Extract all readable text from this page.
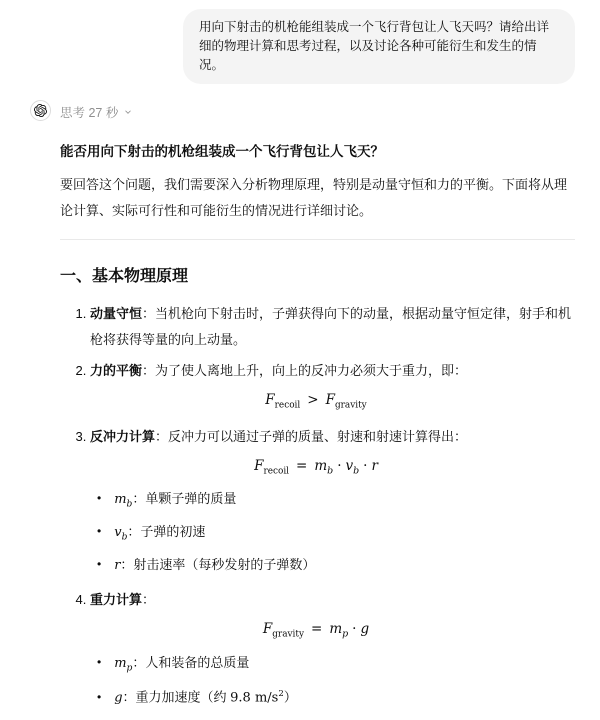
用向下射击的机枪能组装成一个飞行背包让人飞天吗？请给出详细的物理计算和思考过程，以及讨论各种可能衍生和发生的情况。
思考 27 秒
能否用向下射击的机枪组装成一个飞行背包让人飞天？

要回答这个问题，我们需要深入分析物理原理，特别是动量守恒和力的平衡。下面将从理论计算、实际可行性和可能衍生的情况进行详细讨论。

一、基本物理原理
1. 动量守恒：当机枪向下射击时，子弹获得向下的动量，根据动量守恒定律，射手和机枪将获得等量的向上动量。
2. 力的平衡：为了使人离地上升，向上的反冲力必须大于重力，即：
$F_{recoil} > F_{gravity}$
3. 反冲力计算：反冲力可以通过子弹的质量、射速和射速计算得出：
$F_{recoil} = m_b \cdot v_b \cdot r$
• $m_b$：单颗子弹的质量
• $v_b$：子弹的初速
• r：射击速率（每秒发射的子弹数）
4. 重力计算：
$F_{gravity} = m_p \cdot g$
• $m_p$：人和装备的总质量
• g：重力加速度（约 9.8 $m/s^2$）
